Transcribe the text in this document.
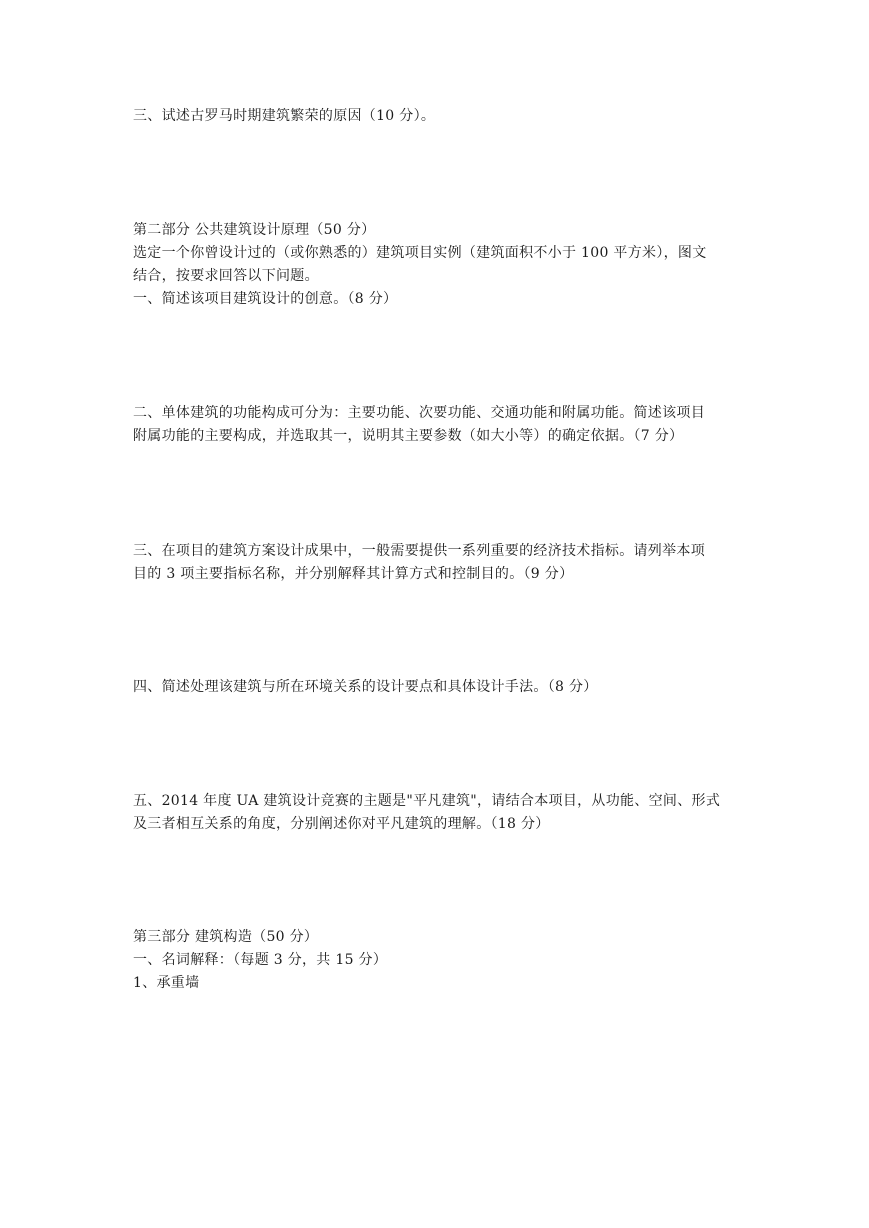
三、试述古罗马时期建筑繁荣的原因（10 分）。
第二部分 公共建筑设计原理（50 分）
选定一个你曾设计过的（或你熟悉的）建筑项目实例（建筑面积不小于 100 平方米），图文
结合，按要求回答以下问题。
一、简述该项目建筑设计的创意。（8 分）
二、单体建筑的功能构成可分为：主要功能、次要功能、交通功能和附属功能。简述该项目
附属功能的主要构成，并选取其一，说明其主要参数（如大小等）的确定依据。（7 分）
三、在项目的建筑方案设计成果中，一般需要提供一系列重要的经济技术指标。请列举本项
目的 3 项主要指标名称，并分别解释其计算方式和控制目的。（9 分）
四、简述处理该建筑与所在环境关系的设计要点和具体设计手法。（8 分）
五、2014 年度 UA 建筑设计竞赛的主题是"平凡建筑"，请结合本项目，从功能、空间、形式
及三者相互关系的角度，分别阐述你对平凡建筑的理解。（18 分）
第三部分 建筑构造（50 分）
一、名词解释：（每题 3 分，共 15 分）
1、承重墙
